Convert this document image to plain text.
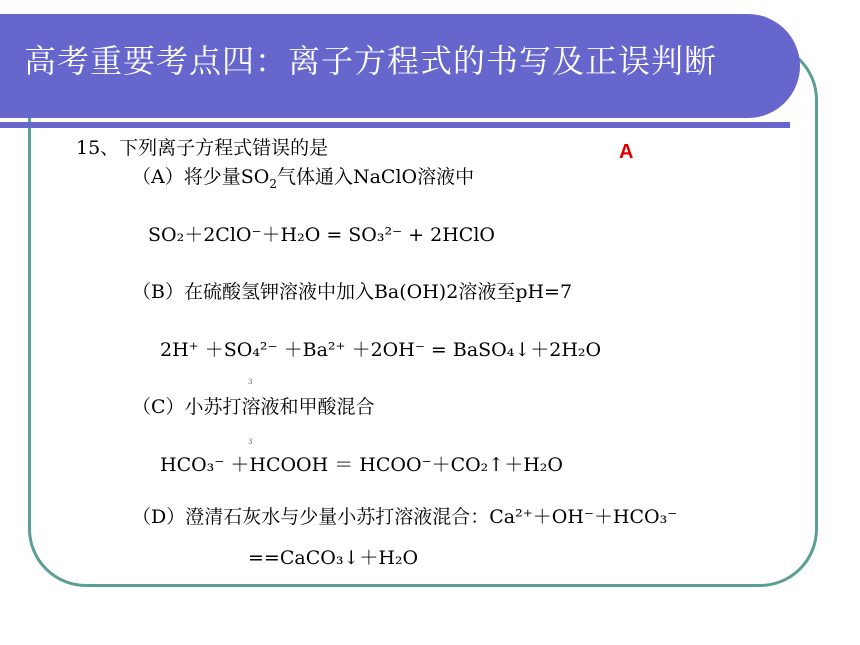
高考重要考点四：离子方程式的书写及正误判断
A
15、下列离子方程式错误的是
（A）将少量$SO_2$气体通入NaClO溶液中
SO₂＋2ClO⁻＋H₂O = SO₃²⁻ + 2HClO
（B）在硫酸氢钾溶液中加入Ba(OH)2溶液至pH=7
2H⁺ ＋SO₄²⁻ ＋Ba²⁺ ＋2OH⁻ = BaSO₄↓＋2H₂O
3
（C）小苏打溶液和甲酸混合
3
HCO₃⁻ ＋HCOOH ＝ HCOO⁻＋CO₂↑＋H₂O
（D）澄清石灰水与少量小苏打溶液混合：Ca²⁺＋OH⁻＋HCO₃⁻
==CaCO₃↓＋H₂O
